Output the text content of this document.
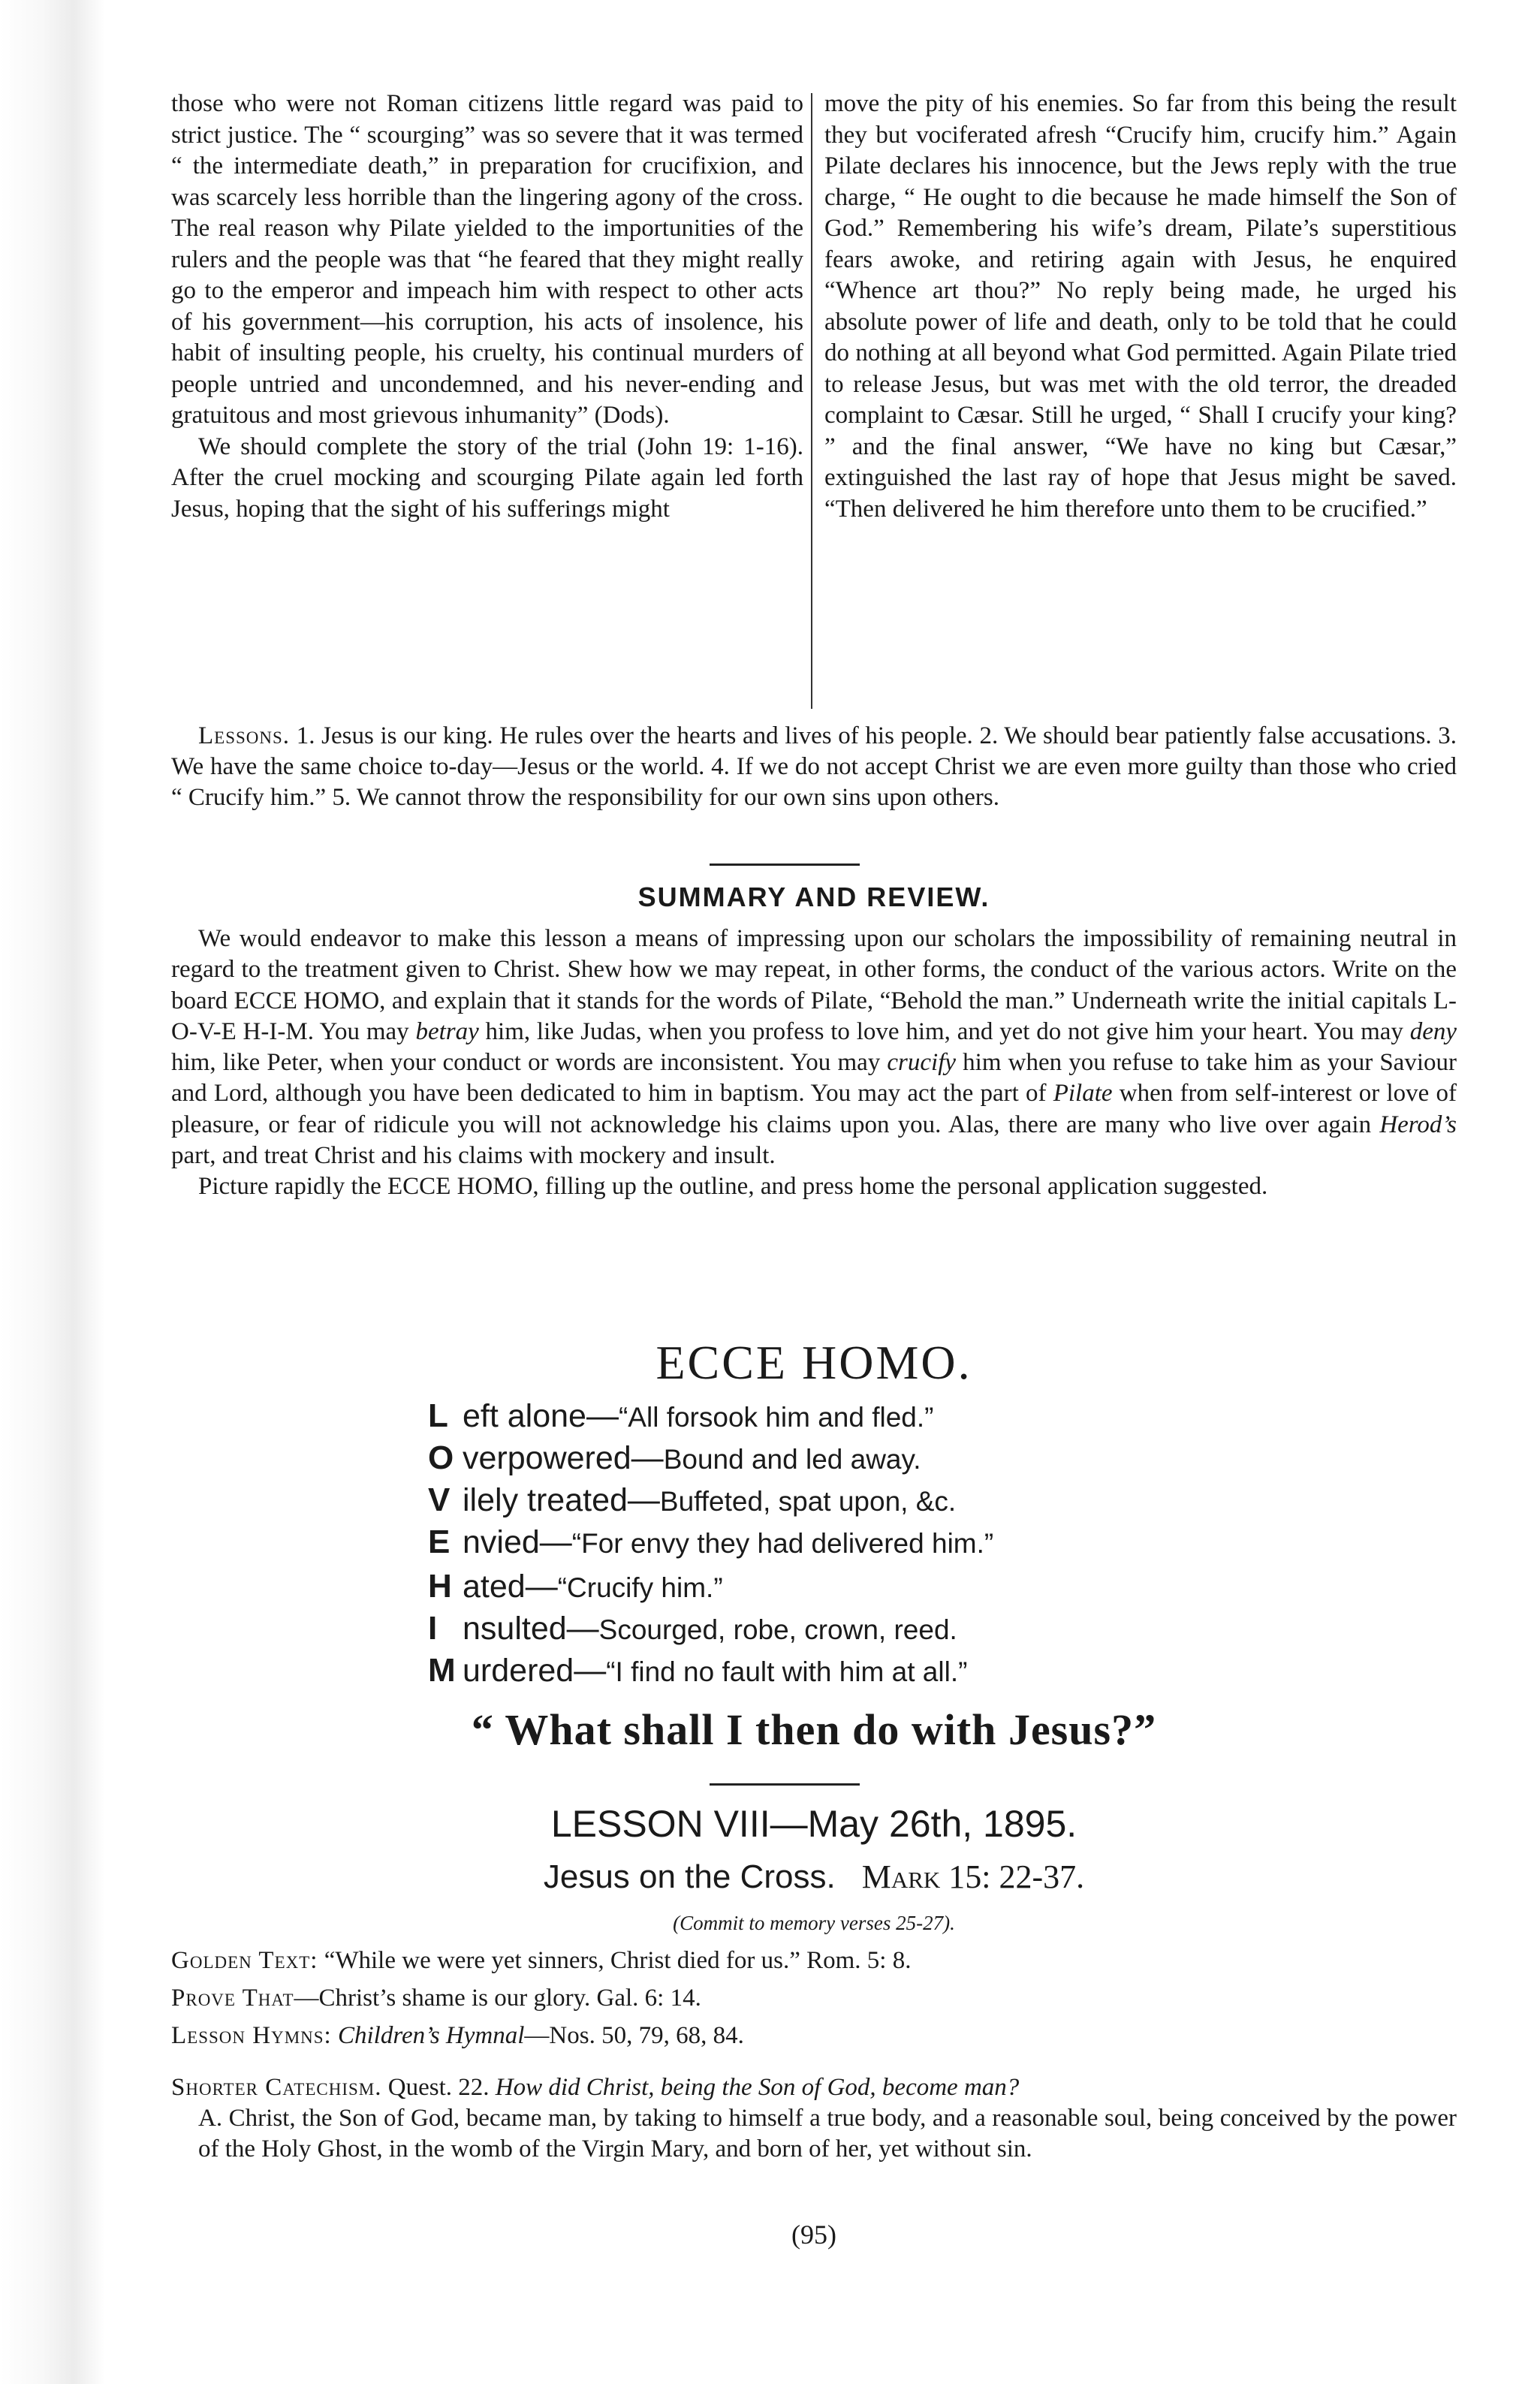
those who were not Roman citizens little regard was paid to strict justice. The “ scourging” was so severe that it was termed “ the intermediate death,” in preparation for crucifixion, and was scarcely less horrible than the lingering agony of the cross. The real reason why Pilate yielded to the importunities of the rulers and the people was that “he feared that they might really go to the emperor and impeach him with respect to other acts of his government—his corruption, his acts of insolence, his habit of insulting people, his cruelty, his continual murders of people untried and uncondemned, and his never-ending and gratuitous and most grievous inhumanity” (Dods).

We should complete the story of the trial (John 19: 1-16). After the cruel mocking and scourging Pilate again led forth Jesus, hoping that the sight of his sufferings might

move the pity of his enemies. So far from this being the result they but vociferated afresh “Crucify him, crucify him.” Again Pilate declares his innocence, but the Jews reply with the true charge, “ He ought to die because he made himself the Son of God.” Remembering his wife’s dream, Pilate’s superstitious fears awoke, and retiring again with Jesus, he enquired “Whence art thou?” No reply being made, he urged his absolute power of life and death, only to be told that he could do nothing at all beyond what God permitted. Again Pilate tried to release Jesus, but was met with the old terror, the dreaded complaint to Cæsar. Still he urged, “ Shall I crucify your king? ” and the final answer, “We have no king but Cæsar,” extinguished the last ray of hope that Jesus might be saved. “Then delivered he him therefore unto them to be crucified.”

Lessons. 1. Jesus is our king. He rules over the hearts and lives of his people. 2. We should bear patiently false accusations. 3. We have the same choice to-day—Jesus or the world. 4. If we do not accept Christ we are even more guilty than those who cried “ Crucify him.” 5. We cannot throw the responsibility for our own sins upon others.
SUMMARY AND REVIEW.

We would endeavor to make this lesson a means of impressing upon our scholars the impossibility of remaining neutral in regard to the treatment given to Christ. Shew how we may repeat, in other forms, the conduct of the various actors. Write on the board ECCE HOMO, and explain that it stands for the words of Pilate, “Behold the man.” Underneath write the initial capitals L-O-V-E H-I-M. You may betray him, like Judas, when you profess to love him, and yet do not give him your heart. You may deny him, like Peter, when your conduct or words are inconsistent. You may crucify him when you refuse to take him as your Saviour and Lord, although you have been dedicated to him in baptism. You may act the part of Pilate when from self-interest or love of pleasure, or fear of ridicule you will not acknowledge his claims upon you. Alas, there are many who live over again Herod’s part, and treat Christ and his claims with mockery and insult.

Picture rapidly the ECCE HOMO, filling up the outline, and press home the personal application suggested.

ECCE HOMO.
L eft alone—“All forsook him and fled.”
O verpowered—Bound and led away.
V ilely treated—Buffeted, spat upon, &c.
E nvied—“For envy they had delivered him.”
H ated—“Crucify him.”
I nsulted—Scourged, robe, crown, reed.
M urdered—“I find no fault with him at all.”
“ What shall I then do with Jesus?”
LESSON VIII—May 26th, 1895.
Jesus on the Cross. Mark 15: 22-37.
(Commit to memory verses 25-27).
Golden Text: “While we were yet sinners, Christ died for us.” Rom. 5: 8.
Prove That—Christ’s shame is our glory. Gal. 6: 14.
Lesson Hymns: Children’s Hymnal—Nos. 50, 79, 68, 84.
Shorter Catechism. Quest. 22. How did Christ, being the Son of God, become man?
A. Christ, the Son of God, became man, by taking to himself a true body, and a reasonable soul, being conceived by the power of the Holy Ghost, in the womb of the Virgin Mary, and born of her, yet without sin.
(95)
